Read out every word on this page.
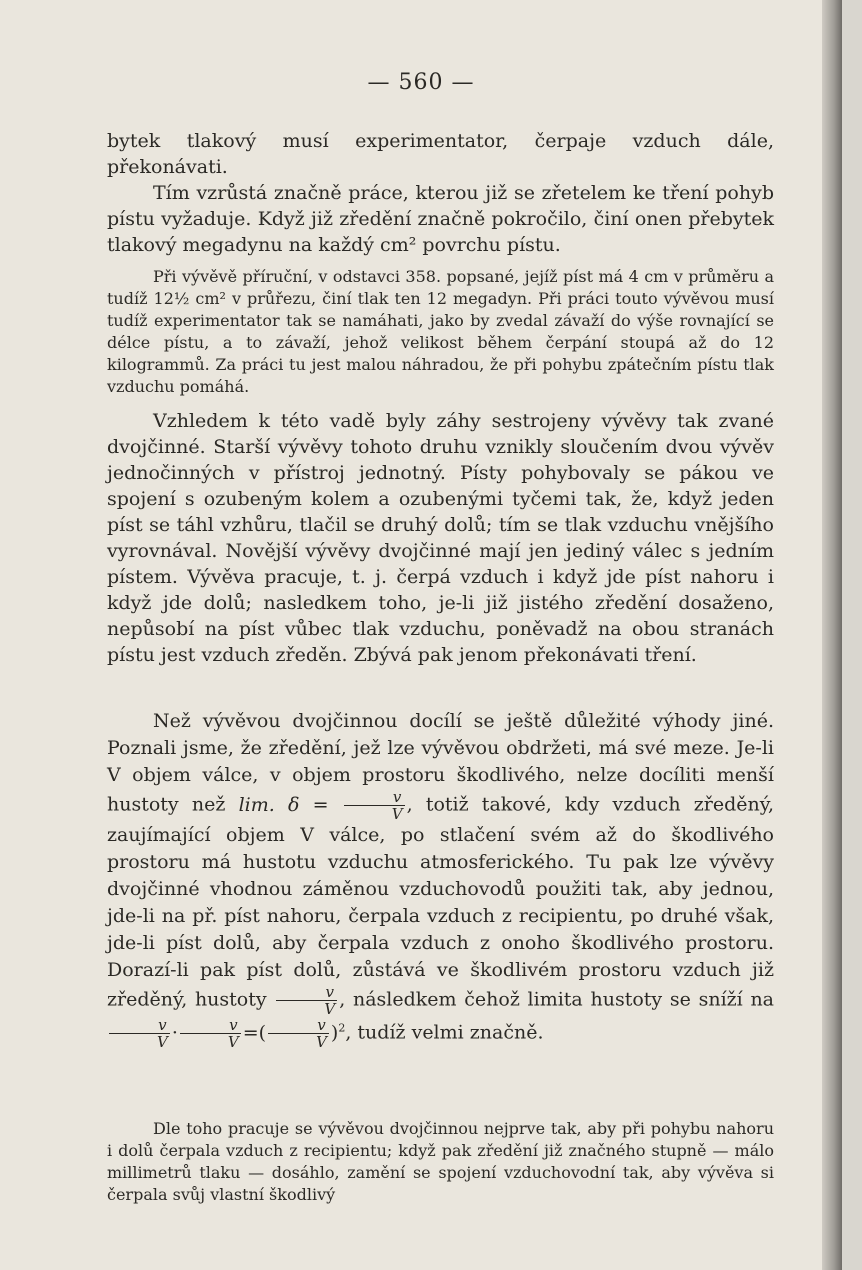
— 560 —

bytek tlakový musí experimentator, čerpaje vzduch dále, překonávati.

Tím vzrůstá značně práce, kterou již se zřetelem ke tření pohyb pístu vyžaduje. Když již zředění značně pokročilo, činí onen přebytek tlakový megadynu na každý cm² povrchu pístu.

Při vývěvě příruční, v odstavci 358. popsané, jejíž píst má 4 cm v průměru a tudíž 12½ cm² v průřezu, činí tlak ten 12 megadyn. Při práci touto vývěvou musí tudíž experimentator tak se namáhati, jako by zvedal závaží do výše rovnající se délce pístu, a to závaží, jehož velikost během čerpání stoupá až do 12 kilogrammů. Za práci tu jest malou náhradou, že při pohybu zpátečním pístu tlak vzduchu pomáhá.

Vzhledem k této vadě byly záhy sestrojeny vývěvy tak zvané dvojčinné. Starší vývěvy tohoto druhu vznikly sloučením dvou vývěv jednočinných v přístroj jednotný. Písty pohybovaly se pákou ve spojení s ozubeným kolem a ozubenými tyčemi tak, že, když jeden píst se táhl vzhůru, tlačil se druhý dolů; tím se tlak vzduchu vnějšího vyrovnával. Novější vývěvy dvojčinné mají jen jediný válec s jedním pístem. Vývěva pracuje, t. j. čerpá vzduch i když jde píst nahoru i když jde dolů; nasledkem toho, je-li již jistého zředění dosaženo, nepůsobí na píst vůbec tlak vzduchu, poněvadž na obou stranách pístu jest vzduch zředěn. Zbývá pak jenom překonávati tření.

Než vývěvou dvojčinnou docílí se ještě důležité výhody jiné. Poznali jsme, že zředění, jež lze vývěvou obdržeti, má své meze. Je-li V objem válce, v objem prostoru škodlivého, nelze docíliti menší hustoty než lim. $\delta = \frac{v}{V}$ , totiž takové, kdy vzduch zředěný, zaujímající objem V válce, po stlačení svém až do škodlivého prostoru má hustotu vzduchu atmosferického. Tu pak lze vývěvy dvojčinné vhodnou záměnou vzduchovodů použiti tak, aby jednou, jde-li na př. píst nahoru, čerpala vzduch z recipientu, po druhé však, jde-li píst dolů, aby čerpala vzduch z onoho škodlivého prostoru. Dorazí-li pak píst dolů, zůstává ve škodlivém prostoru vzduch již zředěný, hustoty $\frac{v}{V}$ , následkem čehož limita hustoty se sníží na
$\frac{v}{V} \cdot \frac{v}{V}$ =( $\frac{v}{V} )^2$, tudíž velmi značně.

Dle toho pracuje se vývěvou dvojčinnou nejprve tak, aby při pohybu nahoru i dolů čerpala vzduch z recipientu; když pak zředění již značného stupně — málo millimetrů tlaku — dosáhlo, zamění se spojení vzduchovodní tak, aby vývěva si čerpala svůj vlastní škodlivý
